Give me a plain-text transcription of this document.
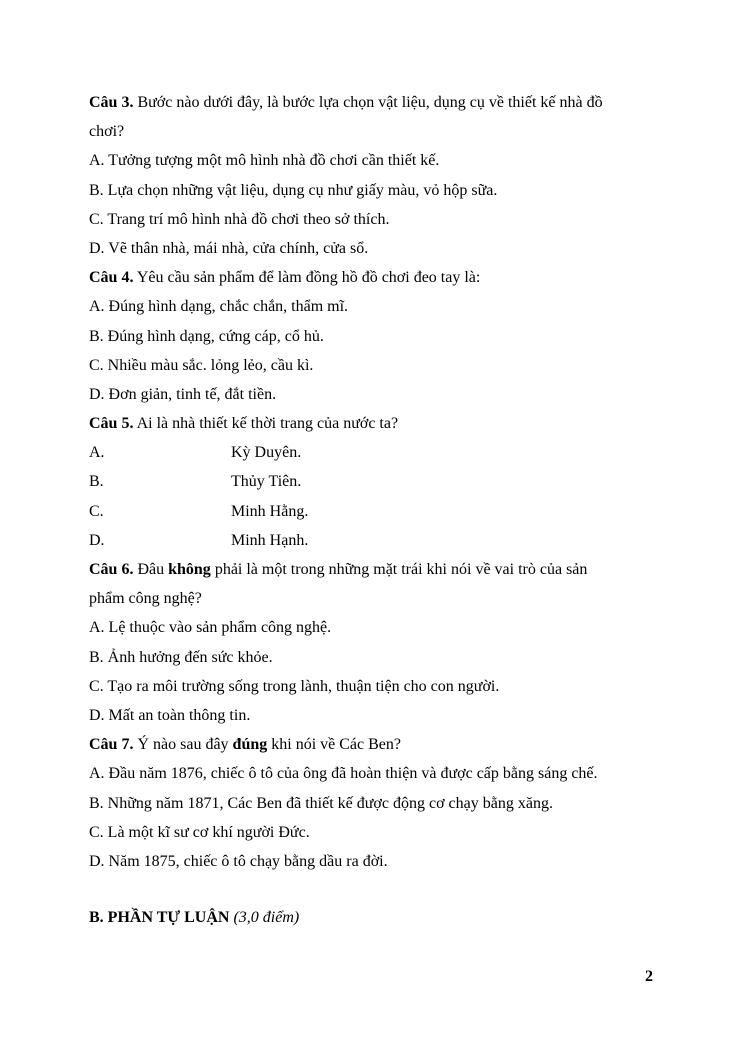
Câu 3. Bước nào dưới đây, là bước lựa chọn vật liệu, dụng cụ về thiết kế nhà đồ
chơi?
A. Tưởng tượng một mô hình nhà đồ chơi cần thiết kế.
B. Lựa chọn những vật liệu, dụng cụ như giấy màu, vỏ hộp sữa.
C. Trang trí mô hình nhà đồ chơi theo sở thích.
D. Vẽ thân nhà, mái nhà, cửa chính, cửa sổ.
Câu 4. Yêu cầu sản phẩm để làm đồng hồ đồ chơi đeo tay là:
A. Đúng hình dạng, chắc chắn, thẩm mĩ.
B. Đúng hình dạng, cứng cáp, cổ hủ.
C. Nhiều màu sắc. lỏng lẻo, cầu kì.
D. Đơn giản, tinh tế, đắt tiền.
Câu 5. Ai là nhà thiết kế thời trang của nước ta?
A.	Kỳ Duyên.
B.	Thủy Tiên.
C.	Minh Hằng.
D.	Minh Hạnh.
Câu 6. Đâu không phải là một trong những mặt trái khi nói về vai trò của sản
phẩm công nghệ?
A. Lệ thuộc vào sản phẩm công nghệ.
B. Ảnh hưởng đến sức khỏe.
C. Tạo ra môi trường sống trong lành, thuận tiện cho con người.
D. Mất an toàn thông tin.
Câu 7. Ý nào sau đây đúng khi nói về Các Ben?
A. Đầu năm 1876, chiếc ô tô của ông đã hoàn thiện và được cấp bằng sáng chế.
B. Những năm 1871, Các Ben đã thiết kế được động cơ chạy bằng xăng.
C. Là một kĩ sư cơ khí người Đức.
D. Năm 1875, chiếc ô tô chạy bằng dầu ra đời.
B. PHẦN TỰ LUẬN (3,0 điểm)
2
